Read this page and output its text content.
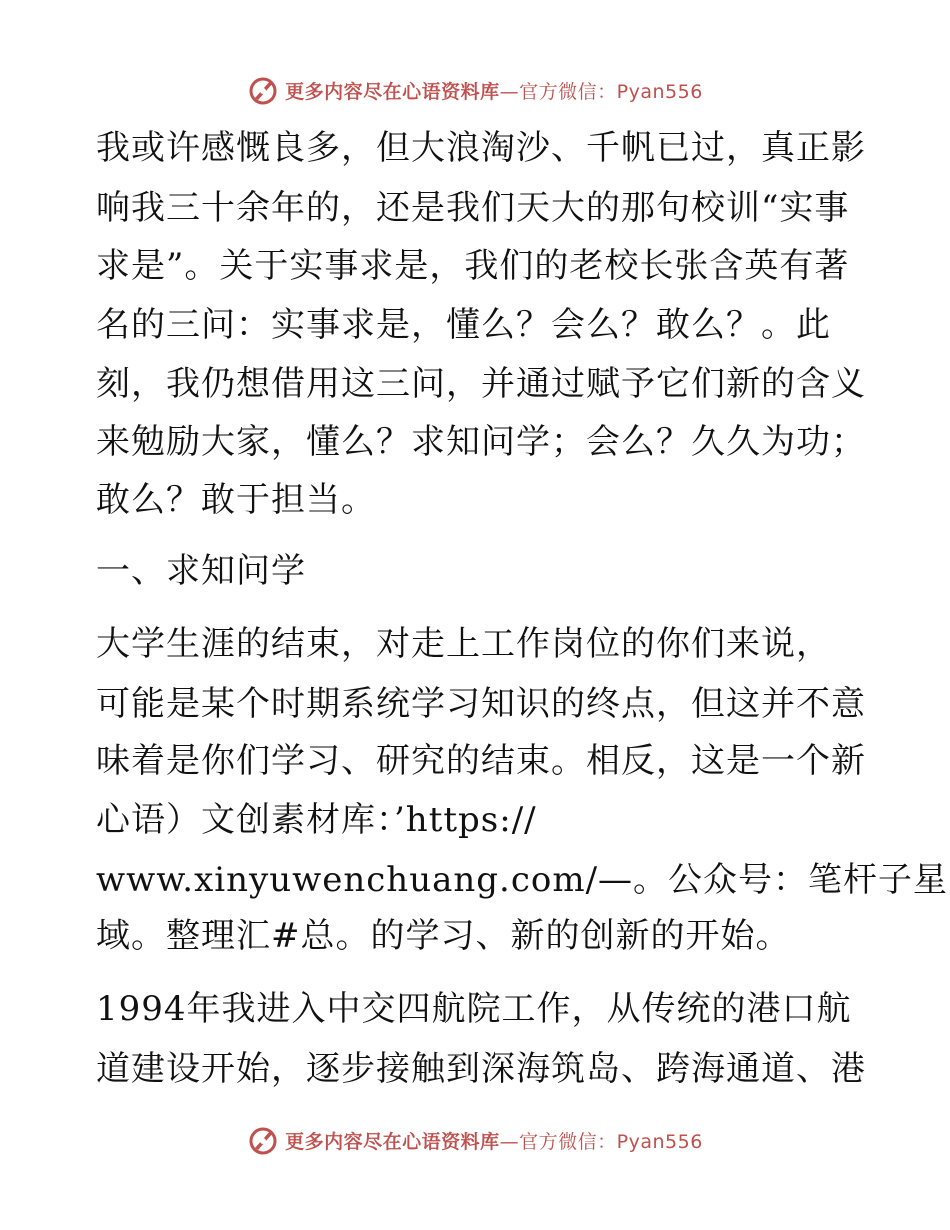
更多内容尽在心语资料库—官方微信：Pyan556
我或许感慨良多，但大浪淘沙、千帆已过，真正影
响我三十余年的，还是我们天大的那句校训“实事
求是”。关于实事求是，我们的老校长张含英有著
名的三问：实事求是，懂么？会么？敢么？。此
刻，我仍想借用这三问，并通过赋予它们新的含义
来勉励大家，懂么？求知问学；会么？久久为功；
敢么？敢于担当。
一、求知问学
大学生涯的结束，对走上工作岗位的你们来说，
可能是某个时期系统学习知识的终点，但这并不意
味着是你们学习、研究的结束。相反，这是一个新
心语）文创素材库：’https://
www.xinyuwenchuang.com/—。公众号：笔杆子星
域。整理汇#总。的学习、新的创新的开始。
1994年我进入中交四航院工作，从传统的港口航
道建设开始，逐步接触到深海筑岛、跨海通道、港
更多内容尽在心语资料库—官方微信：Pyan556
